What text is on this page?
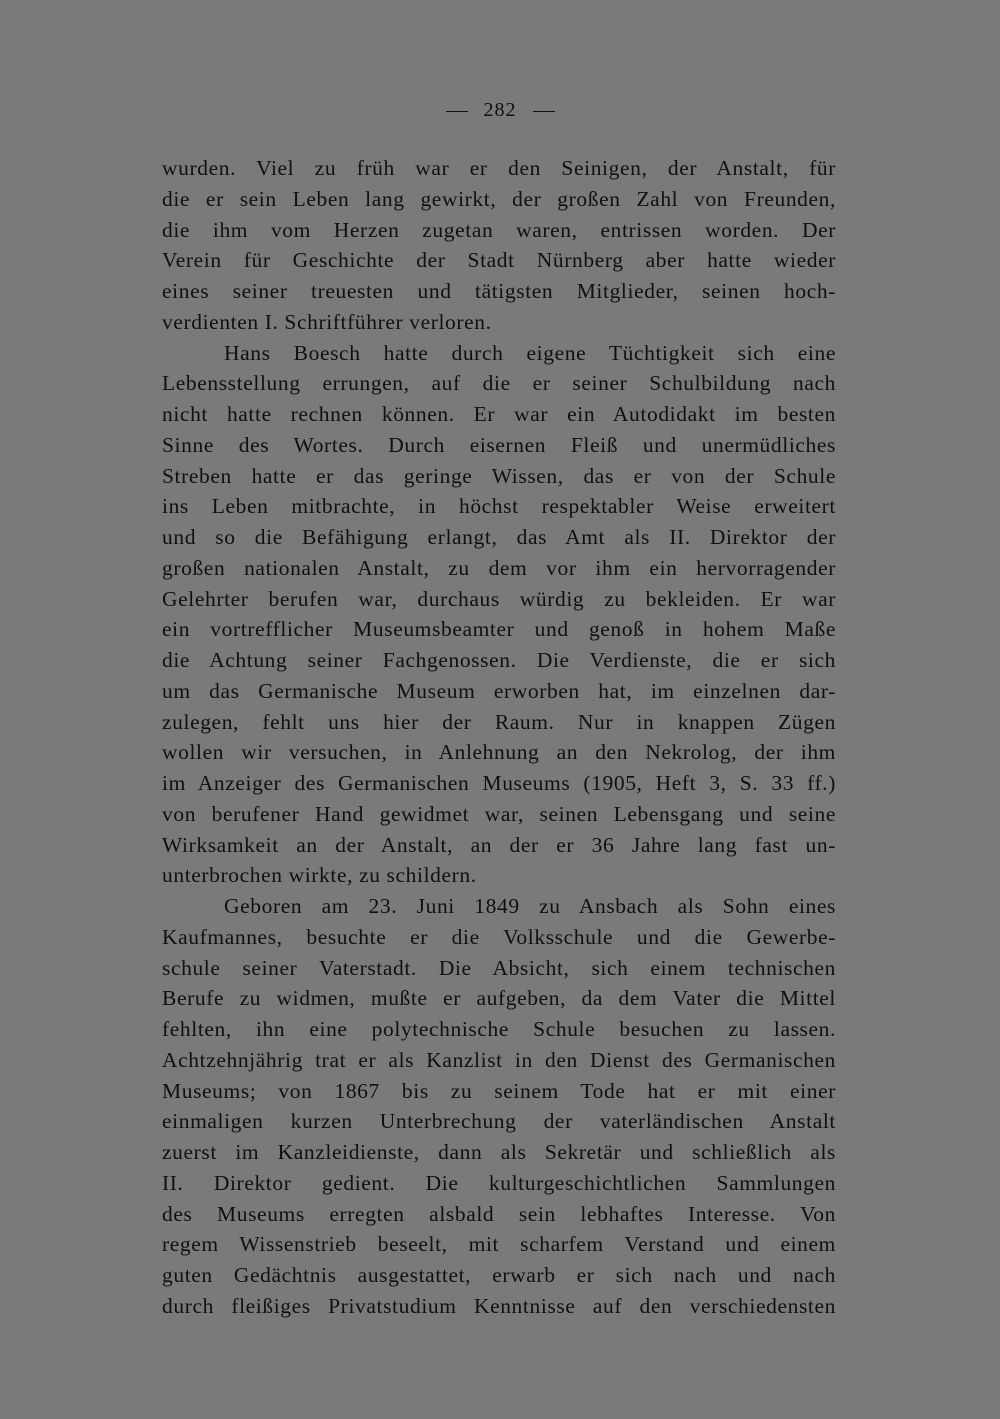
282
wurden. Viel zu früh war er den Seinigen, der Anstalt, für
die er sein Leben lang gewirkt, der großen Zahl von Freunden,
die ihm vom Herzen zugetan waren, entrissen worden. Der
Verein für Geschichte der Stadt Nürnberg aber hatte wieder
eines seiner treuesten und tätigsten Mitglieder, seinen hoch-
verdienten I. Schriftführer verloren.
Hans Boesch hatte durch eigene Tüchtigkeit sich eine
Lebensstellung errungen, auf die er seiner Schulbildung nach
nicht hatte rechnen können. Er war ein Autodidakt im besten
Sinne des Wortes. Durch eisernen Fleiß und unermüdliches
Streben hatte er das geringe Wissen, das er von der Schule
ins Leben mitbrachte, in höchst respektabler Weise erweitert
und so die Befähigung erlangt, das Amt als II. Direktor der
großen nationalen Anstalt, zu dem vor ihm ein hervorragender
Gelehrter berufen war, durchaus würdig zu bekleiden. Er war
ein vortrefflicher Museumsbeamter und genoß in hohem Maße
die Achtung seiner Fachgenossen. Die Verdienste, die er sich
um das Germanische Museum erworben hat, im einzelnen dar-
zulegen, fehlt uns hier der Raum. Nur in knappen Zügen
wollen wir versuchen, in Anlehnung an den Nekrolog, der ihm
im Anzeiger des Germanischen Museums (1905, Heft 3, S. 33 ff.)
von berufener Hand gewidmet war, seinen Lebensgang und seine
Wirksamkeit an der Anstalt, an der er 36 Jahre lang fast un-
unterbrochen wirkte, zu schildern.
Geboren am 23. Juni 1849 zu Ansbach als Sohn eines
Kaufmannes, besuchte er die Volksschule und die Gewerbe-
schule seiner Vaterstadt. Die Absicht, sich einem technischen
Berufe zu widmen, mußte er aufgeben, da dem Vater die Mittel
fehlten, ihn eine polytechnische Schule besuchen zu lassen.
Achtzehnjährig trat er als Kanzlist in den Dienst des Germanischen
Museums; von 1867 bis zu seinem Tode hat er mit einer
einmaligen kurzen Unterbrechung der vaterländischen Anstalt
zuerst im Kanzleidienste, dann als Sekretär und schließlich als
II. Direktor gedient. Die kulturgeschichtlichen Sammlungen
des Museums erregten alsbald sein lebhaftes Interesse. Von
regem Wissenstrieb beseelt, mit scharfem Verstand und einem
guten Gedächtnis ausgestattet, erwarb er sich nach und nach
durch fleißiges Privatstudium Kenntnisse auf den verschiedensten
